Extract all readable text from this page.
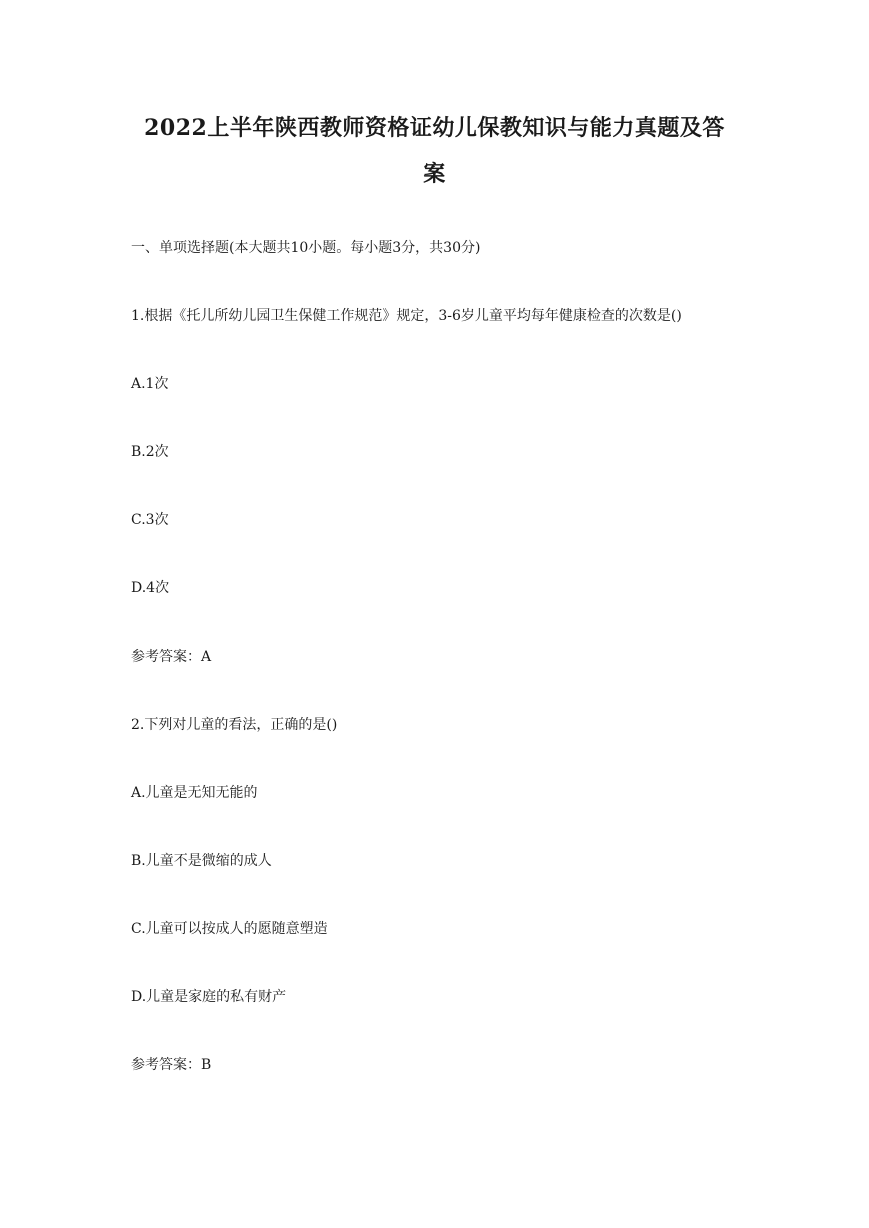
2022上半年陕西教师资格证幼儿保教知识与能力真题及答
案
一、单项选择题(本大题共10小题。每小题3分，共30分)
1.根据《托儿所幼儿园卫生保健工作规范》规定，3-6岁儿童平均每年健康检查的次数是()
A.1次
B.2次
C.3次
D.4次
参考答案：A
2.下列对儿童的看法，正确的是()
A.儿童是无知无能的
B.儿童不是微缩的成人
C.儿童可以按成人的愿随意塑造
D.儿童是家庭的私有财产
参考答案：B
